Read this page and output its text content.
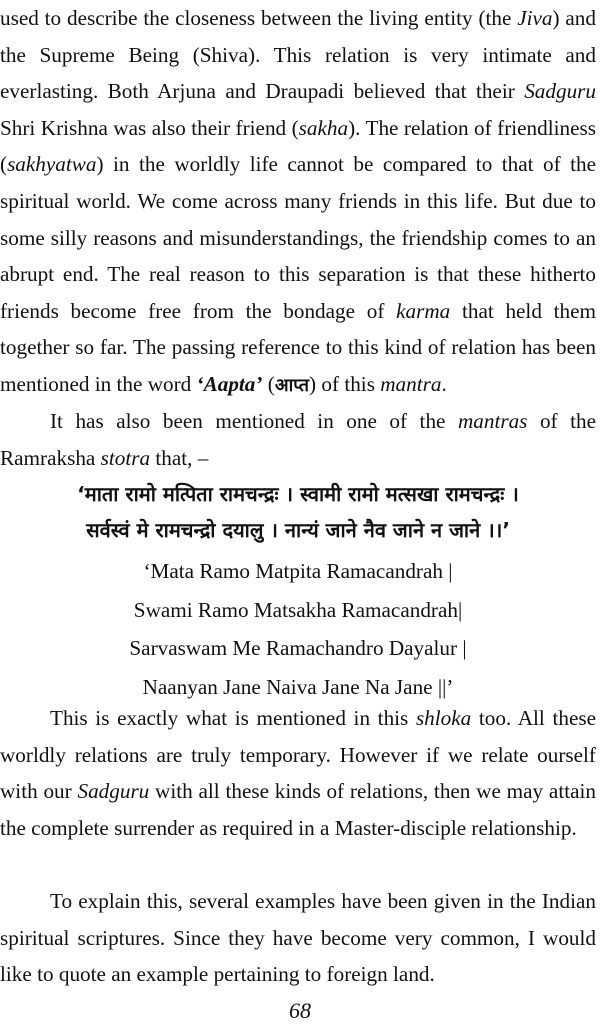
used to describe the closeness between the living entity (the Jiva) and the Supreme Being (Shiva). This relation is very intimate and everlasting. Both Arjuna and Draupadi believed that their Sadguru Shri Krishna was also their friend (sakha). The relation of friendliness (sakhyatwa) in the worldly life cannot be compared to that of the spiritual world. We come across many friends in this life. But due to some silly reasons and misunderstandings, the friendship comes to an abrupt end. The real reason to this separation is that these hitherto friends become free from the bondage of karma that held them together so far. The passing reference to this kind of relation has been mentioned in the word ‘Aapta’ (आप्त) of this mantra.

It has also been mentioned in one of the mantras of the Ramraksha stotra that, –

‘माता रामो मत्पिता रामचन्द्रः । स्वामी रामो मत्सखा रामचन्द्रः ।
सर्वस्वं मे रामचन्द्रो दयालु । नान्यं जाने नैव जाने न जाने ।।’
‘Mata Ramo Matpita Ramacandrah |
Swami Ramo Matsakha Ramacandrah|
Sarvaswam Me Ramachandro Dayalur |
Naanyan Jane Naiva Jane Na Jane ||’

This is exactly what is mentioned in this shloka too. All these worldly relations are truly temporary. However if we relate ourself with our Sadguru with all these kinds of relations, then we may attain the complete surrender as required in a Master-disciple relationship.

To explain this, several examples have been given in the Indian spiritual scriptures. Since they have become very common, I would like to quote an example pertaining to foreign land.

68
